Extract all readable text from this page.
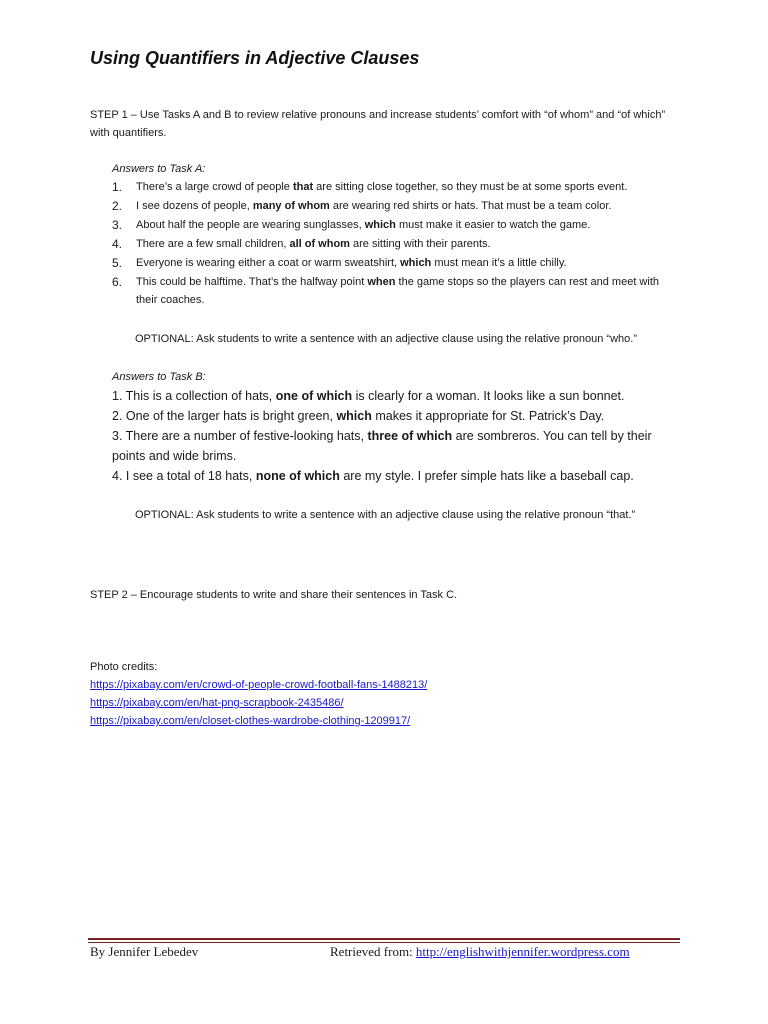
Using Quantifiers in Adjective Clauses
STEP 1 – Use Tasks A and B to review relative pronouns and increase students’ comfort with “of whom” and “of which” with quantifiers.
Answers to Task A:
1.	There’s a large crowd of people that are sitting close together, so they must be at some sports event.
2.	I see dozens of people, many of whom are wearing red shirts or hats. That must be a team color.
3.	About half the people are wearing sunglasses, which must make it easier to watch the game.
4.	There are a few small children, all of whom are sitting with their parents.
5.	Everyone is wearing either a coat or warm sweatshirt, which must mean it’s a little chilly.
6.	This could be halftime. That’s the halfway point when the game stops so the players can rest and meet with their coaches.
OPTIONAL: Ask students to write a sentence with an adjective clause using the relative pronoun “who.”
Answers to Task B:
1. This is a collection of hats, one of which is clearly for a woman. It looks like a sun bonnet.
2. One of the larger hats is bright green, which makes it appropriate for St. Patrick’s Day.
3. There are a number of festive-looking hats, three of which are sombreros. You can tell by their points and wide brims.
4. I see a total of 18 hats, none of which are my style. I prefer simple hats like a baseball cap.
OPTIONAL: Ask students to write a sentence with an adjective clause using the relative pronoun “that.”
STEP 2 – Encourage students to write and share their sentences in Task C.
Photo credits:
https://pixabay.com/en/crowd-of-people-crowd-football-fans-1488213/
https://pixabay.com/en/hat-png-scrapbook-2435486/
https://pixabay.com/en/closet-clothes-wardrobe-clothing-1209917/
By Jennifer Lebedev	Retrieved from: http://englishwithjennifer.wordpress.com
